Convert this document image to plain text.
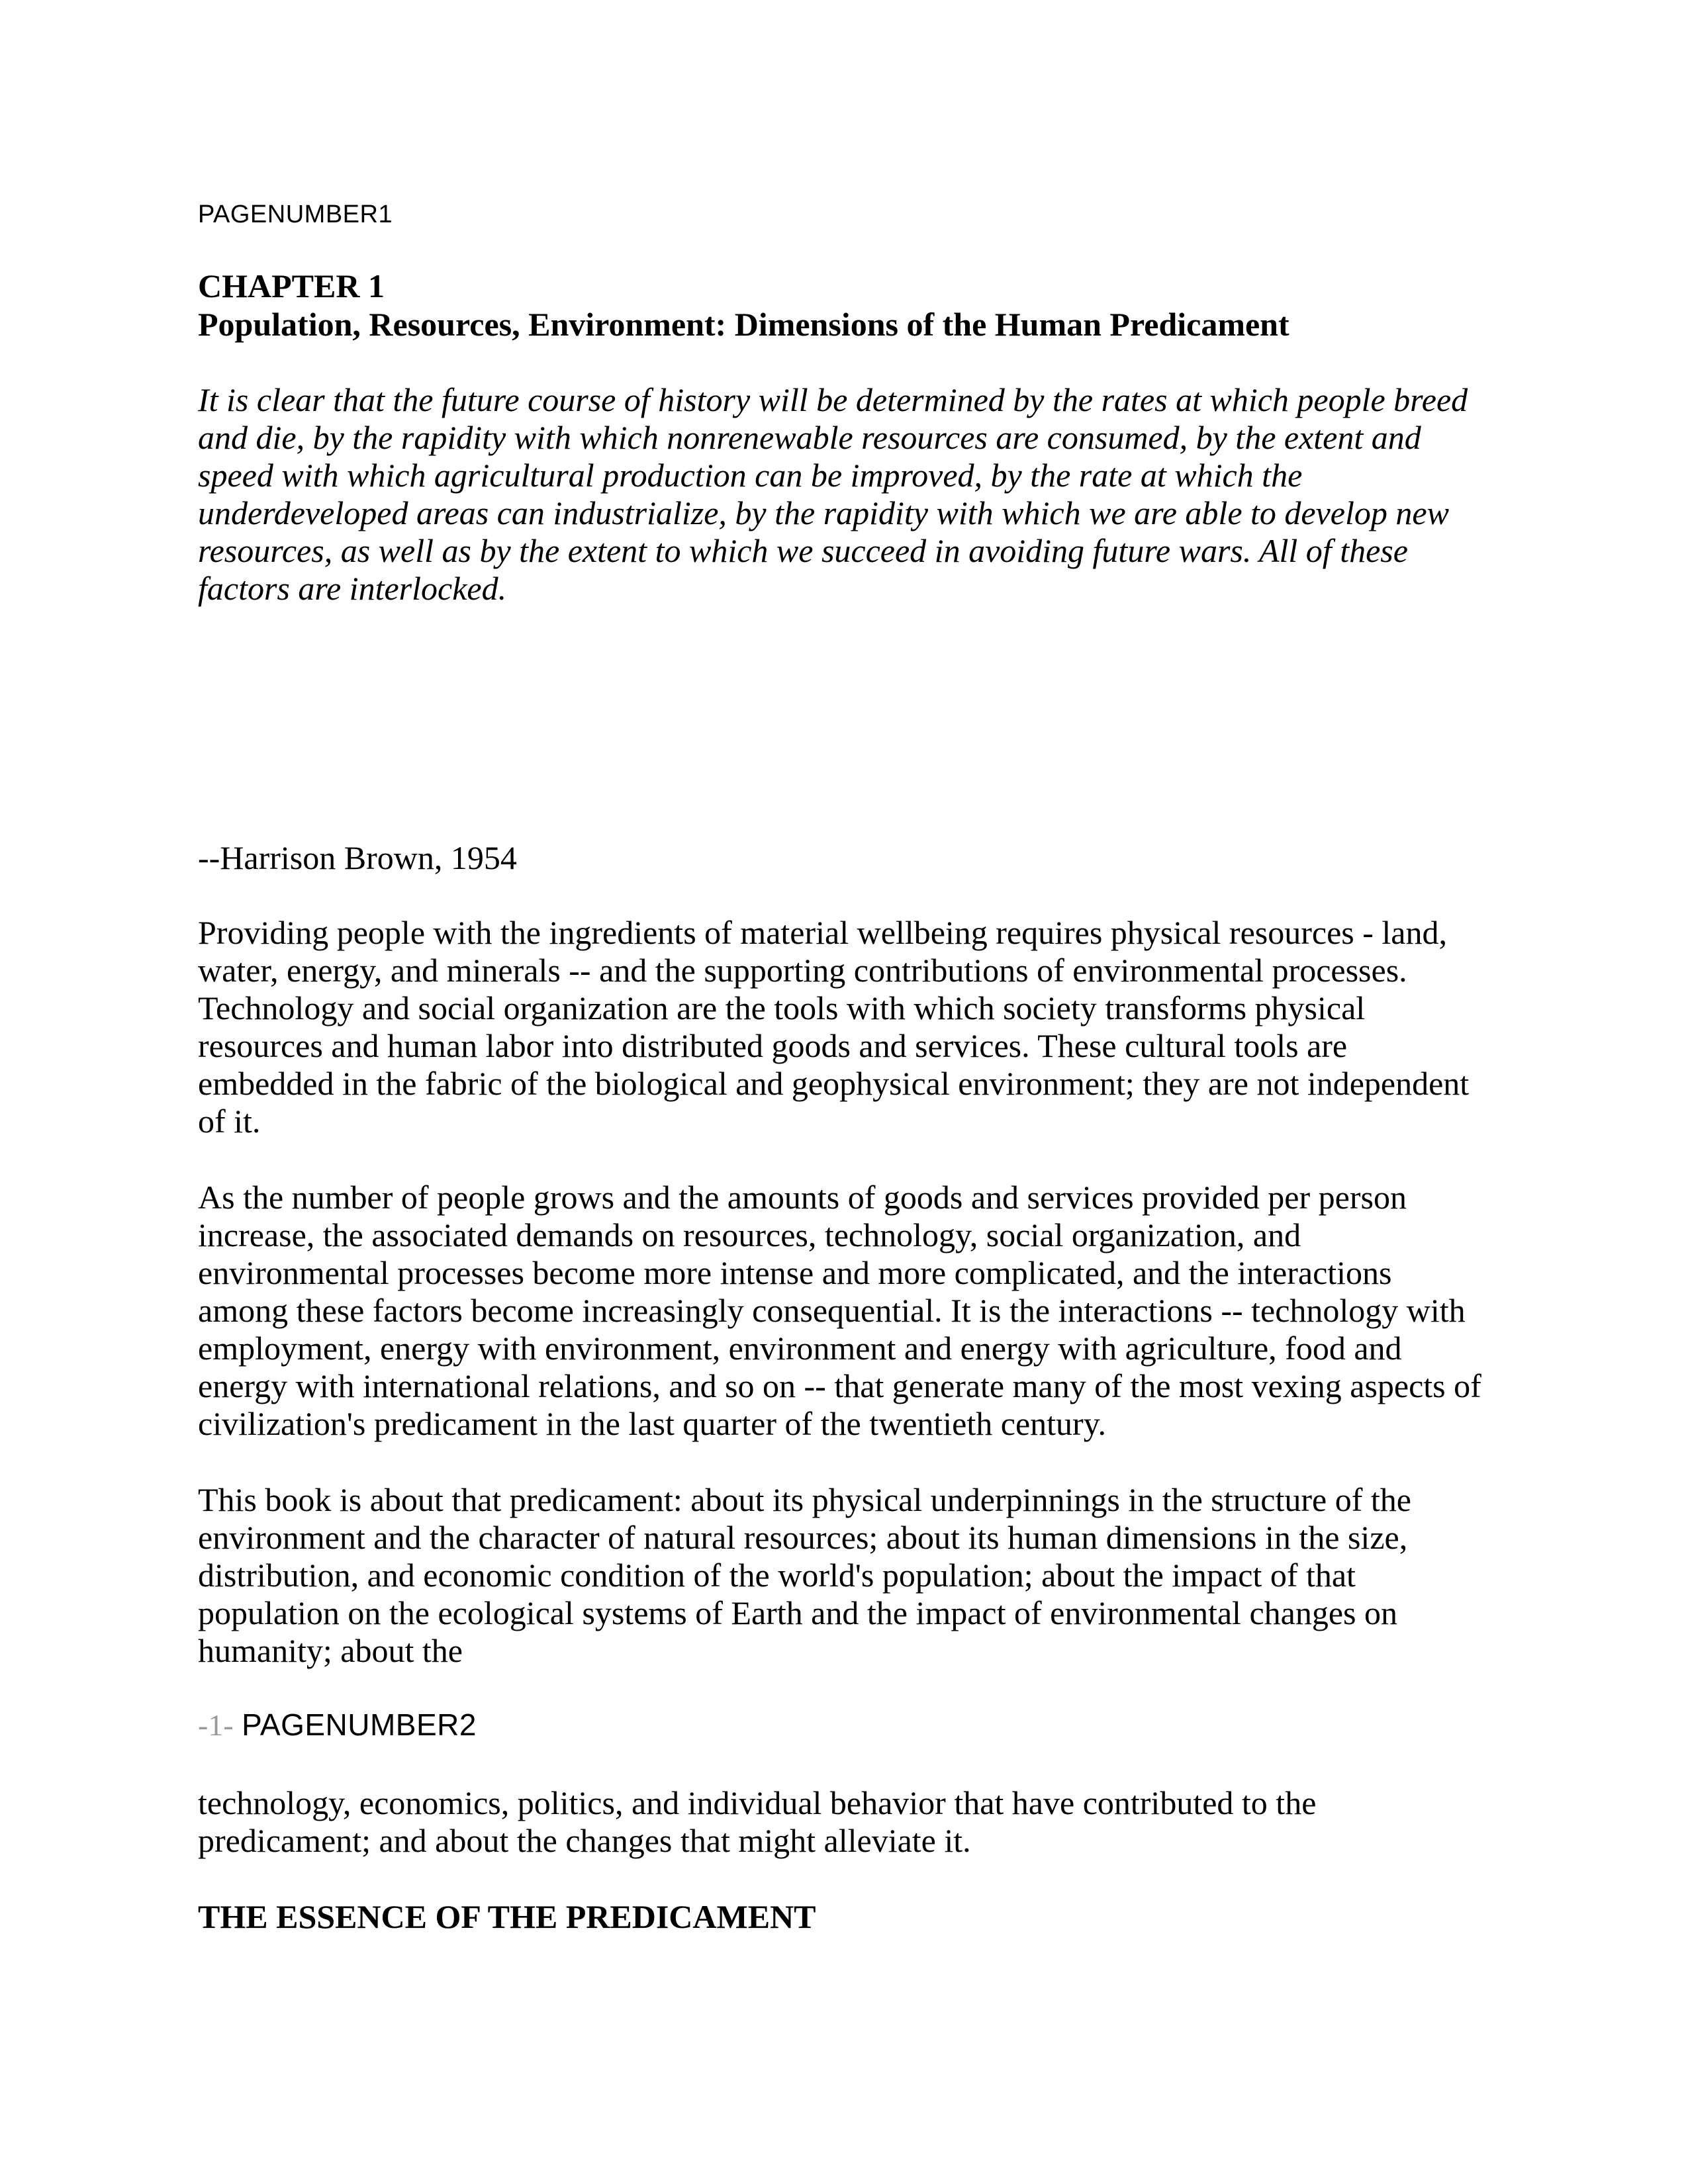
PAGENUMBER1
CHAPTER 1
Population, Resources, Environment: Dimensions of the Human Predicament
It is clear that the future course of history will be determined by the rates at which people breed
and die, by the rapidity with which nonrenewable resources are consumed, by the extent and
speed with which agricultural production can be improved, by the rate at which the
underdeveloped areas can industrialize, by the rapidity with which we are able to develop new
resources, as well as by the extent to which we succeed in avoiding future wars. All of these
factors are interlocked.
--Harrison Brown, 1954
Providing people with the ingredients of material wellbeing requires physical resources - land,
water, energy, and minerals -- and the supporting contributions of environmental processes.
Technology and social organization are the tools with which society transforms physical
resources and human labor into distributed goods and services. These cultural tools are
embedded in the fabric of the biological and geophysical environment; they are not independent
of it.
As the number of people grows and the amounts of goods and services provided per person
increase, the associated demands on resources, technology, social organization, and
environmental processes become more intense and more complicated, and the interactions
among these factors become increasingly consequential. It is the interactions -- technology with
employment, energy with environment, environment and energy with agriculture, food and
energy with international relations, and so on -- that generate many of the most vexing aspects of
civilization's predicament in the last quarter of the twentieth century.
This book is about that predicament: about its physical underpinnings in the structure of the
environment and the character of natural resources; about its human dimensions in the size,
distribution, and economic condition of the world's population; about the impact of that
population on the ecological systems of Earth and the impact of environmental changes on
humanity; about the
-1- PAGENUMBER2
technology, economics, politics, and individual behavior that have contributed to the
predicament; and about the changes that might alleviate it.
THE ESSENCE OF THE PREDICAMENT
